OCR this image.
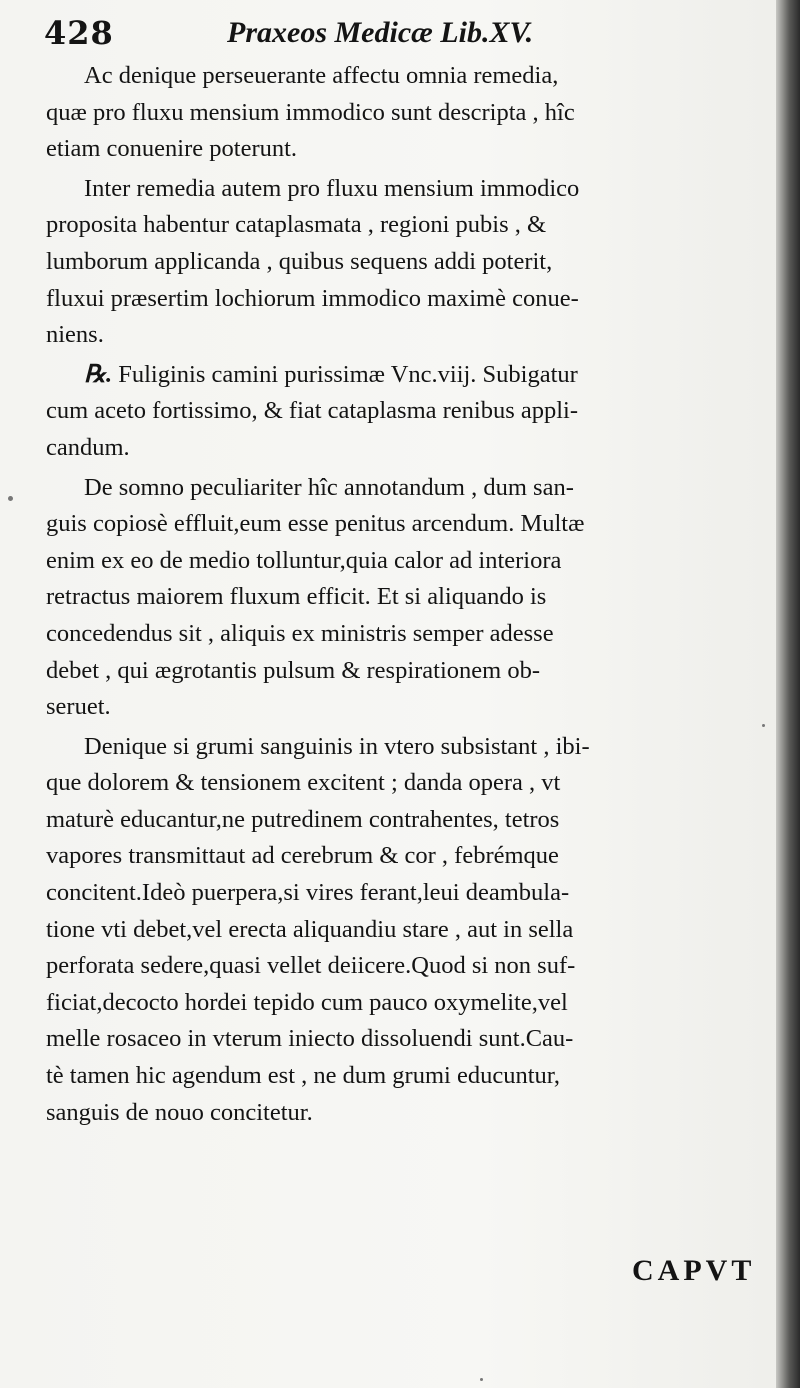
428	Praxeos Medicæ Lib.XV.
Ac denique perseuerante affectu omnia remedia,
quæ pro fluxu mensium immodico sunt descripta , hîc
etiam conuenire poterunt.
Inter remedia autem pro fluxu mensium immodico
proposita habentur cataplasmata , regioni pubis , &
lumborum applicanda , quibus sequens addi poterit,
fluxui præsertim lochiorum immodico maximè conue-
niens.
℞. Fuliginis camini purissimæ Vnc.viij. Subigatur
cum aceto fortissimo, & fiat cataplasma renibus appli-
candum.
De somno peculiariter hîc annotandum , dum san-
guis copiosè effluit,eum esse penitus arcendum. Multæ
enim ex eo de medio tolluntur,quia calor ad interiora
retractus maiorem fluxum efficit. Et si aliquando is
concedendus sit , aliquis ex ministris semper adesse
debet , qui ægrotantis pulsum & respirationem ob-
seruet.
Denique si grumi sanguinis in vtero subsistant , ibi-
que dolorem & tensionem excitent ; danda opera , vt
maturè educantur,ne putredinem contrahentes, tetros
vapores transmittaut ad cerebrum & cor , febrémque
concitent.Ideò puerpera,si vires ferant,leui deambula-
tione vti debet,vel erecta aliquandiu stare , aut in sella
perforata sedere,quasi vellet deiicere.Quod si non suf-
ficiat,decocto hordei tepido cum pauco oxymelite,vel
melle rosaceo in vterum iniecto dissoluendi sunt.Cau-
tè tamen hic agendum est , ne dum grumi educuntur,
sanguis de nouo concitetur.
CAPVT
